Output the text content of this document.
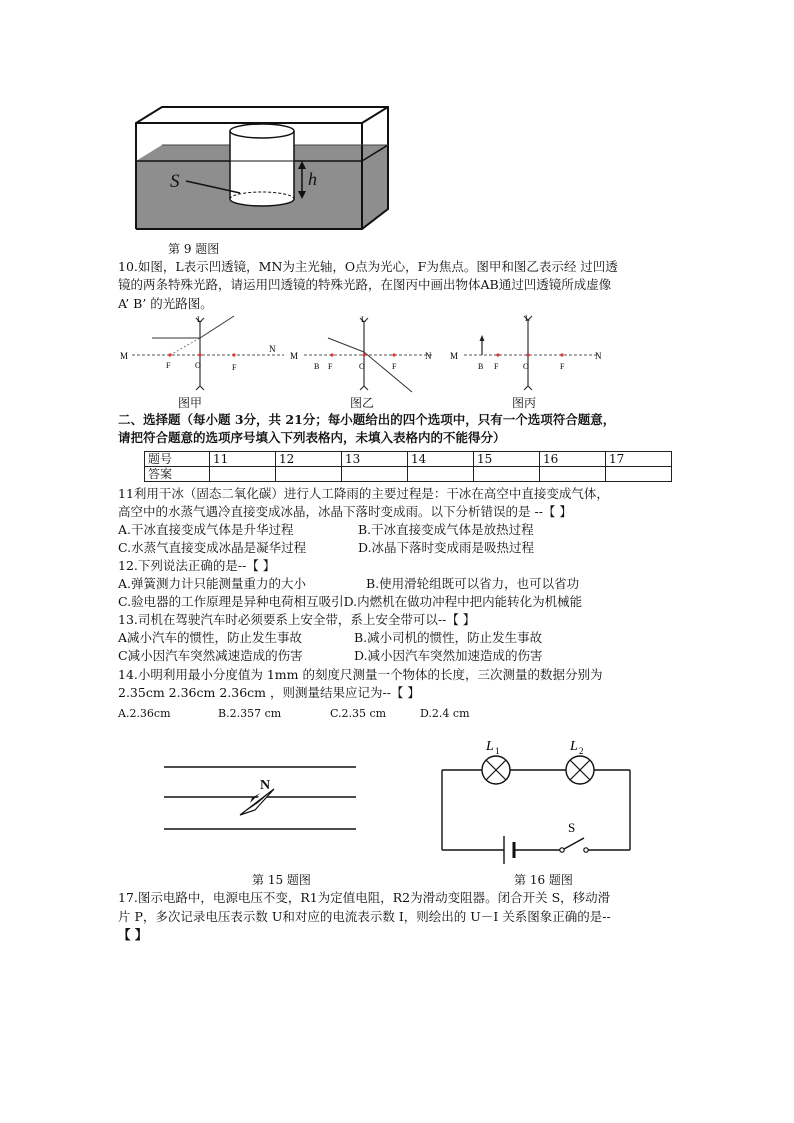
S	h
第 9 题图
10.如图，L表示凹透镜，MN为主光轴，O点为光心，F为焦点。图甲和图乙表示经 过凹透
镜的两条特殊光路，请运用凹透镜的特殊光路，在图丙中画出物体AB通过凹透镜所成虚像
A’ B’ 的光路图。
M
N
L
F	O	F
M	N
L
B F	O	F
M	N
L
B F	O	F
图甲	图乙	图丙
二、选择题（每小题 3分，共 21分；每小题给出的四个选项中，只有一个选项符合题意，
请把符合题意的选项序号填入下列表格内，未填入表格内的不能得分）
题号	11	12	13	14	15	16	17
答案							
11利用干冰（固态二氧化碳）进行人工降雨的主要过程是：干冰在高空中直接变成气体，
高空中的水蒸气遇冷直接变成冰晶，冰晶下落时变成雨。以下分析错误的是 --【 】
A.干冰直接变成气体是升华过程	B.干冰直接变成气体是放热过程
C.水蒸气直接变成冰晶是凝华过程	D.冰晶下落时变成雨是吸热过程
12.下列说法正确的是--【 】
A.弹簧测力计只能测量重力的大小	B.使用滑轮组既可以省力，也可以省功
C.验电器的工作原理是异种电荷相互吸引D.内燃机在做功冲程中把内能转化为机械能
13.司机在驾驶汽车时必须要系上安全带，系上安全带可以--【 】
A减小汽车的惯性，防止发生事故	B.减小司机的惯性，防止发生事故
C减小因汽车突然减速造成的伤害	D.减小因汽车突然加速造成的伤害
14.小明利用最小分度值为 1mm 的刻度尺测量一个物体的长度，三次测量的数据分别为
2.35cm 2.36cm 2.36cm ，则测量结果应记为--【 】
A.2.36cm	B.2.357 cm	C.2.35 cm	D.2.4 cm
N
第 15 题图
L 1	L 2
S
第 16 题图
17.图示电路中，电源电压不变，R1为定值电阻，R2为滑动变阻器。闭合开关 S，移动滑
片 P，多次记录电压表示数 U和对应的电流表示数 I，则绘出的 U－I 关系图象正确的是--
【 】
